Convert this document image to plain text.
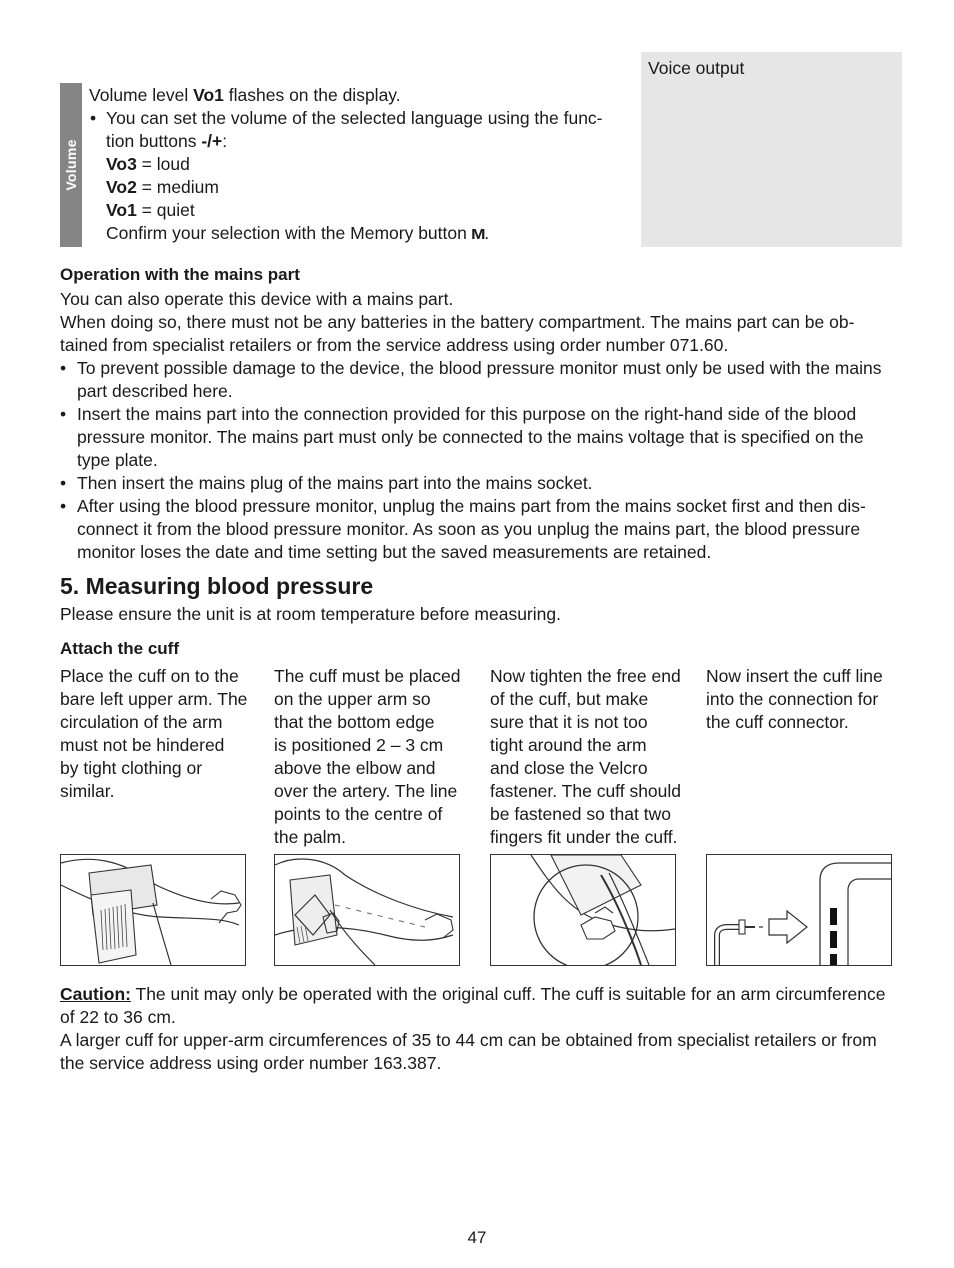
Volume

Volume level Vo1 flashes on the display.

• You can set the volume of the selected language using the func-
tion buttons -/+:

Vo3 = loud

Vo2 = medium

Vo1 = quiet

Confirm your selection with the Memory button M.

Voice output

Operation with the mains part

You can also operate this device with a mains part.

When doing so, there must not be any batteries in the battery compartment. The mains part can be ob-
tained from specialist retailers or from the service address using order number 071.60.

• To prevent possible damage to the device, the blood pressure monitor must only be used with the mains
part described here.

• Insert the mains part into the connection provided for this purpose on the right-hand side of the blood
pressure monitor. The mains part must only be connected to the mains voltage that is specified on the
type plate.

• Then insert the mains plug of the mains part into the mains socket.

• After using the blood pressure monitor, unplug the mains part from the mains socket first and then dis-
connect it from the blood pressure monitor. As soon as you unplug the mains part, the blood pressure
monitor loses the date and time setting but the saved measurements are retained.

5. Measuring blood pressure

Please ensure the unit is at room temperature before measuring.

Attach the cuff

Place the cuff on to the
bare left upper arm. The
circulation of the arm
must not be hindered
by tight clothing or
similar.
The cuff must be placed
on the upper arm so
that the bottom edge
is positioned 2 – 3 cm
above the elbow and
over the artery. The line
points to the centre of
the palm.
Now tighten the free end
of the cuff, but make
sure that it is not too
tight around the arm
and close the Velcro
fastener. The cuff should
be fastened so that two
fingers fit under the cuff.
Now insert the cuff line
into the connection for
the cuff connector.
Caution: The unit may only be operated with the original cuff. The cuff is suitable for an arm circumference
of 22 to 36 cm.
A larger cuff for upper-arm circumferences of 35 to 44 cm can be obtained from specialist retailers or from
the service address using order number 163.387.
47
